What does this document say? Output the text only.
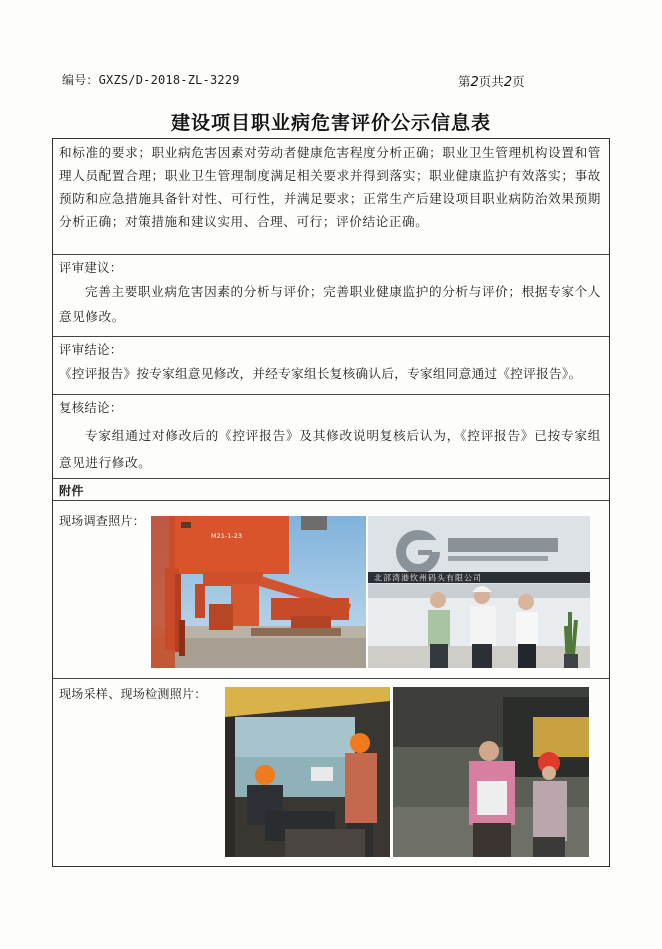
编号：GXZS/D-2018-ZL-3229	第2页共2页
建设项目职业病危害评价公示信息表
和标准的要求；职业病危害因素对劳动者健康危害程度分析正确；职业卫生管理机构设置和管理人员配置合理；职业卫生管理制度满足相关要求并得到落实；职业健康监护有效落实；事故预防和应急措施具备针对性、可行性，并满足要求；正常生产后建设项目职业病防治效果预期分析正确；对策措施和建议实用、合理、可行；评价结论正确。
评审建议：
完善主要职业病危害因素的分析与评价；完善职业健康监护的分析与评价；根据专家个人意见修改。
评审结论：
《控评报告》按专家组意见修改，并经专家组长复核确认后，专家组同意通过《控评报告》。
复核结论：
专家组通过对修改后的《控评报告》及其修改说明复核后认为，《控评报告》已按专家组意见进行修改。
附件
现场调查照片：
M21-1-23
北部湾港钦州码头有限公司
现场采样、现场检测照片：
